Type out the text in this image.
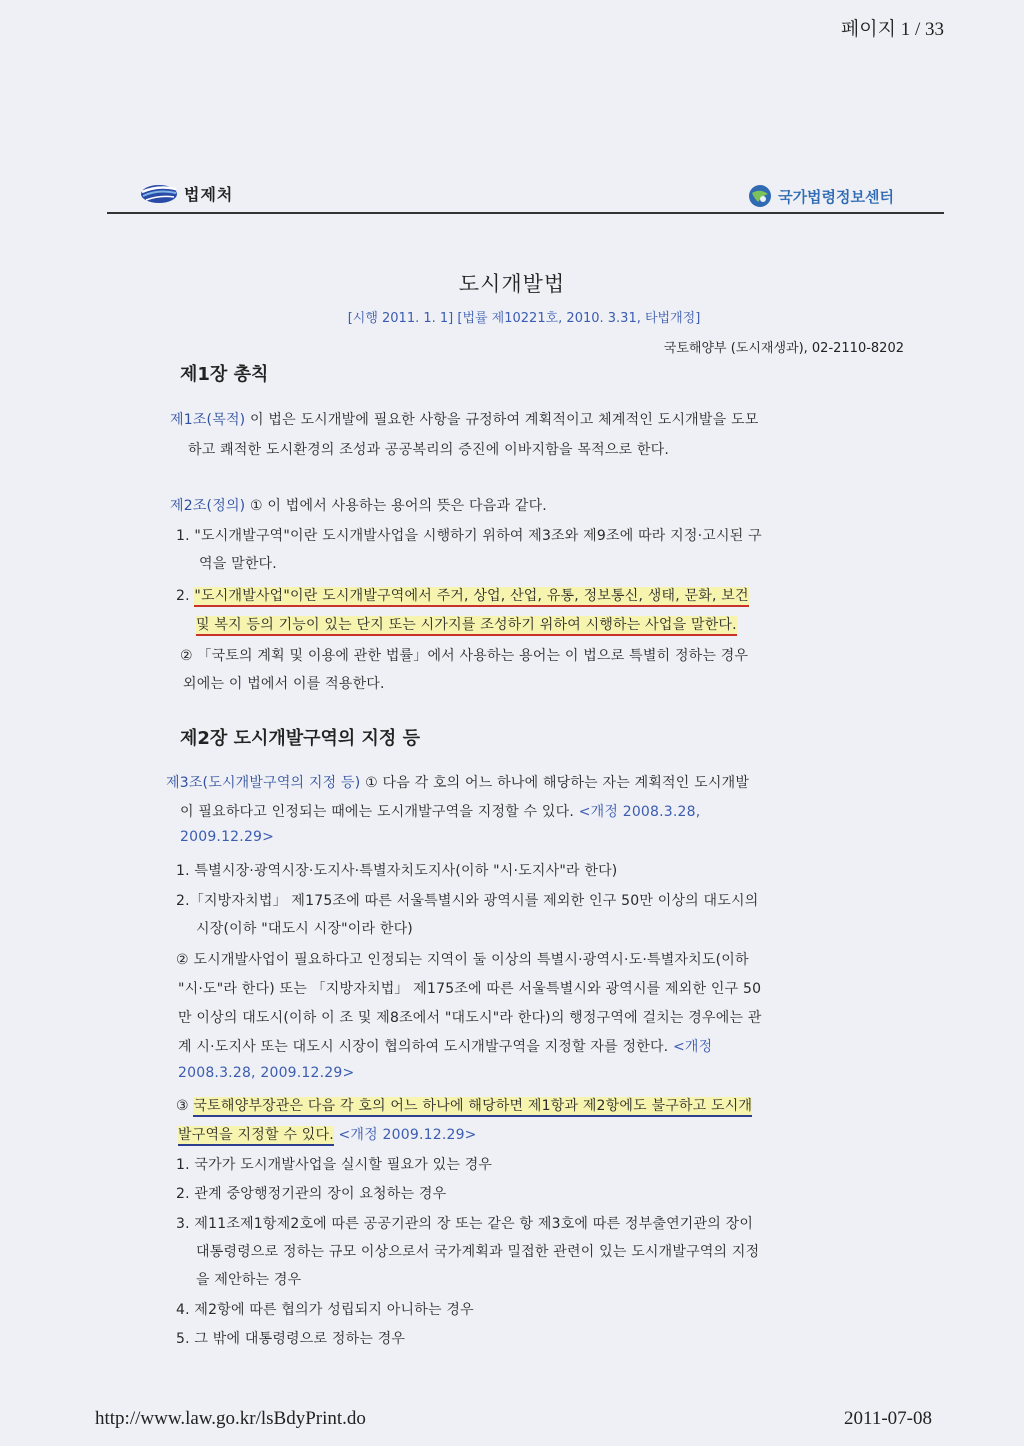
페이지 1 / 33
법제처	국가법령정보센터
도시개발법
[시행 2011. 1. 1] [법률 제10221호, 2010. 3.31, 타법개정]
국토해양부 (도시재생과), 02-2110-8202
제1장 총칙
제1조(목적) 이 법은 도시개발에 필요한 사항을 규정하여 계획적이고 체계적인 도시개발을 도모
하고 쾌적한 도시환경의 조성과 공공복리의 증진에 이바지함을 목적으로 한다.
제2조(정의) ① 이 법에서 사용하는 용어의 뜻은 다음과 같다.
1. "도시개발구역"이란 도시개발사업을 시행하기 위하여 제3조와 제9조에 따라 지정·고시된 구
역을 말한다.
2. "도시개발사업"이란 도시개발구역에서 주거, 상업, 산업, 유통, 정보통신, 생태, 문화, 보건
및 복지 등의 기능이 있는 단지 또는 시가지를 조성하기 위하여 시행하는 사업을 말한다.
② 「국토의 계획 및 이용에 관한 법률」에서 사용하는 용어는 이 법으로 특별히 정하는 경우
외에는 이 법에서 이를 적용한다.
제2장 도시개발구역의 지정 등
제3조(도시개발구역의 지정 등) ① 다음 각 호의 어느 하나에 해당하는 자는 계획적인 도시개발
이 필요하다고 인정되는 때에는 도시개발구역을 지정할 수 있다. <개정 2008.3.28,
2009.12.29>
1. 특별시장·광역시장·도지사·특별자치도지사(이하 "시·도지사"라 한다)
2.「지방자치법」 제175조에 따른 서울특별시와 광역시를 제외한 인구 50만 이상의 대도시의
시장(이하 "대도시 시장"이라 한다)
② 도시개발사업이 필요하다고 인정되는 지역이 둘 이상의 특별시·광역시·도·특별자치도(이하
"시·도"라 한다) 또는 「지방자치법」 제175조에 따른 서울특별시와 광역시를 제외한 인구 50
만 이상의 대도시(이하 이 조 및 제8조에서 "대도시"라 한다)의 행정구역에 걸치는 경우에는 관
계 시·도지사 또는 대도시 시장이 협의하여 도시개발구역을 지정할 자를 정한다. <개정
2008.3.28, 2009.12.29>
③ 국토해양부장관은 다음 각 호의 어느 하나에 해당하면 제1항과 제2항에도 불구하고 도시개
발구역을 지정할 수 있다. <개정 2009.12.29>
1. 국가가 도시개발사업을 실시할 필요가 있는 경우
2. 관계 중앙행정기관의 장이 요청하는 경우
3. 제11조제1항제2호에 따른 공공기관의 장 또는 같은 항 제3호에 따른 정부출연기관의 장이
대통령령으로 정하는 규모 이상으로서 국가계획과 밀접한 관련이 있는 도시개발구역의 지정
을 제안하는 경우
4. 제2항에 따른 협의가 성립되지 아니하는 경우
5. 그 밖에 대통령령으로 정하는 경우
http://www.law.go.kr/lsBdyPrint.do	2011-07-08
